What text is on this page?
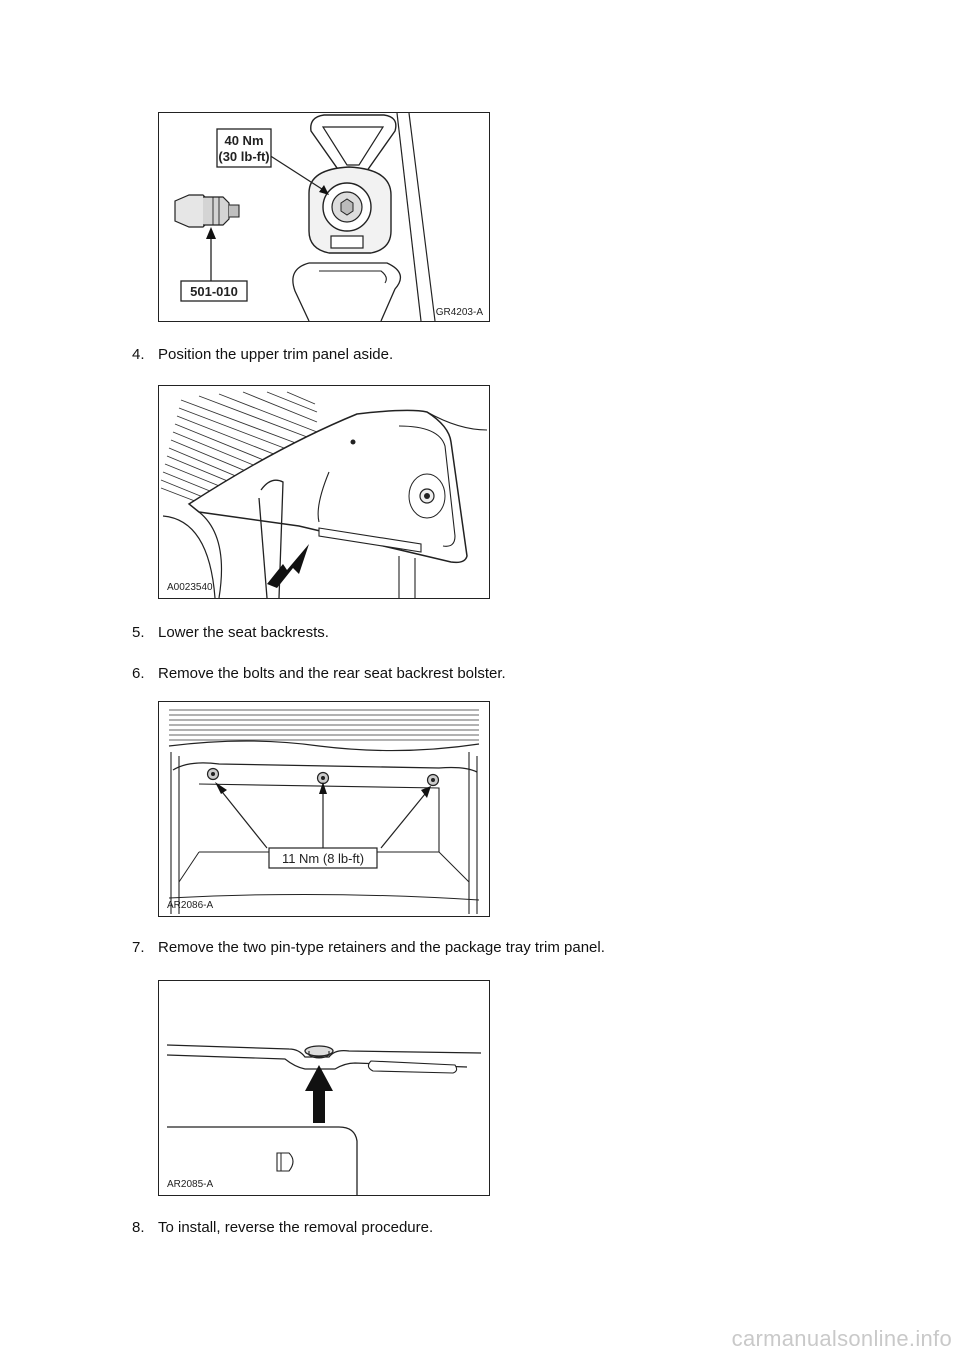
40 Nm
(30 lb-ft)
501-010
GR4203-A
4. Position the upper trim panel aside.
A0023540
5. Lower the seat backrests.
6. Remove the bolts and the rear seat backrest bolster.
11 Nm (8 lb-ft)
AR2086-A
7. Remove the two pin-type retainers and the package tray trim panel.
AR2085-A
8. To install, reverse the removal procedure.
carmanualsonline.info
